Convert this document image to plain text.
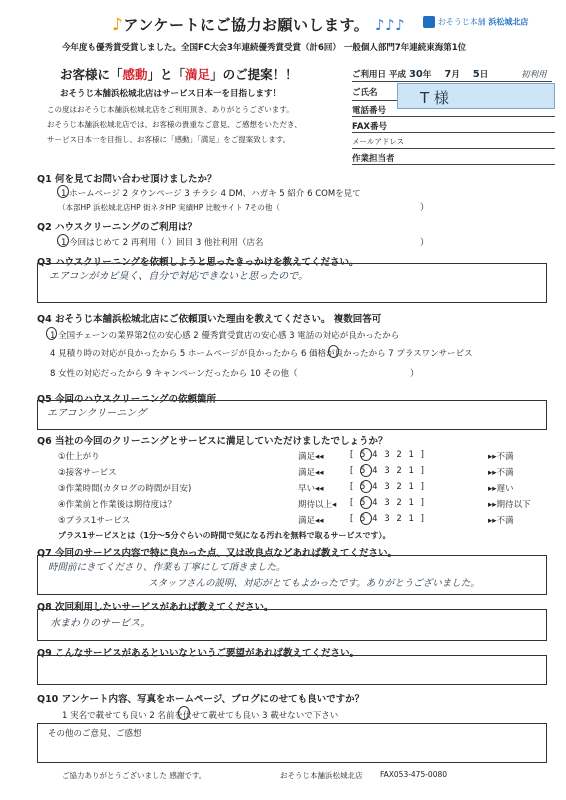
♪アンケートにご協力お願いします。 ♪♪♪	おそうじ本舗 浜松城北店
今年度も優秀賞受賞しました。全国FC大会3年連続優秀賞受賞（計6回） 一般個人部門7年連続東海第1位
お客様に「感動」と「満足」のご提案！！
おそうじ本舗浜松城北店はサービス日本一を目指します！
この度はおそうじ本舗浜松城北店をご利用頂き、ありがとうございます。
おそうじ本舗浜松城北店では、お客様の貴重なご意見、ご感想をいただき、
サービス日本一を目指し、お客様に「感動」「満足」をご提案致します。
ご利用日 平成 30年 7月 5日	初利用
ご氏名	T 様
電話番号
FAX番号
メールアドレス
作業担当者
Q1 何を見てお問い合わせ頂けましたか？
1 ホームページ 2 タウンページ 3 チラシ 4 DM、ハガキ 5 紹介 6 COMを見て
（本部HP 浜松城北店HP 街ネタHP 実績HP 比較サイト 7その他（	）
Q2 ハウスクリーニングのご利用は？
1 今回はじめて 2 再利用（ ）回目 3 他社利用（店名	）
Q3 ハウスクリーニングを依頼しようと思ったきっかけを教えてください。
エアコンがカビ臭く、自分で対応できないと思ったので。
Q4 おそうじ本舗浜松城北店にご依頼頂いた理由を教えてください。 複数回答可
1 全国チェーンの業界第2位の安心感 2 優秀賞受賞店の安心感 3 電話の対応が良かったから
4 見積り時の対応が良かったから 5 ホームページが良かったから 6 価格が良かったから 7 プラスワンサービス
8 女性の対応だったから 9 キャンペーンだったから 10 その他（	）
Q5 今回のハウスクリーニングの依頼箇所
エアコンクリーニング
Q6 当社の今回のクリーニングとサービスに満足していただけましたでしょうか？
①仕上がり	満足◂◂	[ 5 4 3 2 1 ]	▸▸不満
②接客サービス	満足◂◂	[ 5 4 3 2 1 ]	▸▸不満
③作業時間(カタログの時間が目安)	早い◂◂	[ 5 4 3 2 1 ]	▸▸遅い
④作業前と作業後は期待度は？	期待以上◂ [ 5 4 3 2 1 ]	▸▸期待以下
⑤プラス1サービス	満足◂◂	[ 5 4 3 2 1 ]	▸▸不満
プラス1サービスとは（1分～5分ぐらいの時間で気になる汚れを無料で取るサービスです）。
Q7 今回のサービス内容で特に良かった点、又は改良点などあれば教えてください。
時間前にきてくださり、作業も丁寧にして頂きました。
スタッフさんの説明、対応がとてもよかったです。ありがとうございました。
Q8 次回利用したいサービスがあれば教えてください。
水まわりのサービス。
Q9 こんなサービスがあるといいなというご要望があれば教えてください。
Q10 アンケート内容、写真をホームページ、ブログにのせても良いですか？
1 実名で載せても良い 2 名前を伏せて載せても良い 3 載せないで下さい
その他のご意見、ご感想
ご協力ありがとうございました 感謝です。	おそうじ本舗浜松城北店 FAX053-475-0080
